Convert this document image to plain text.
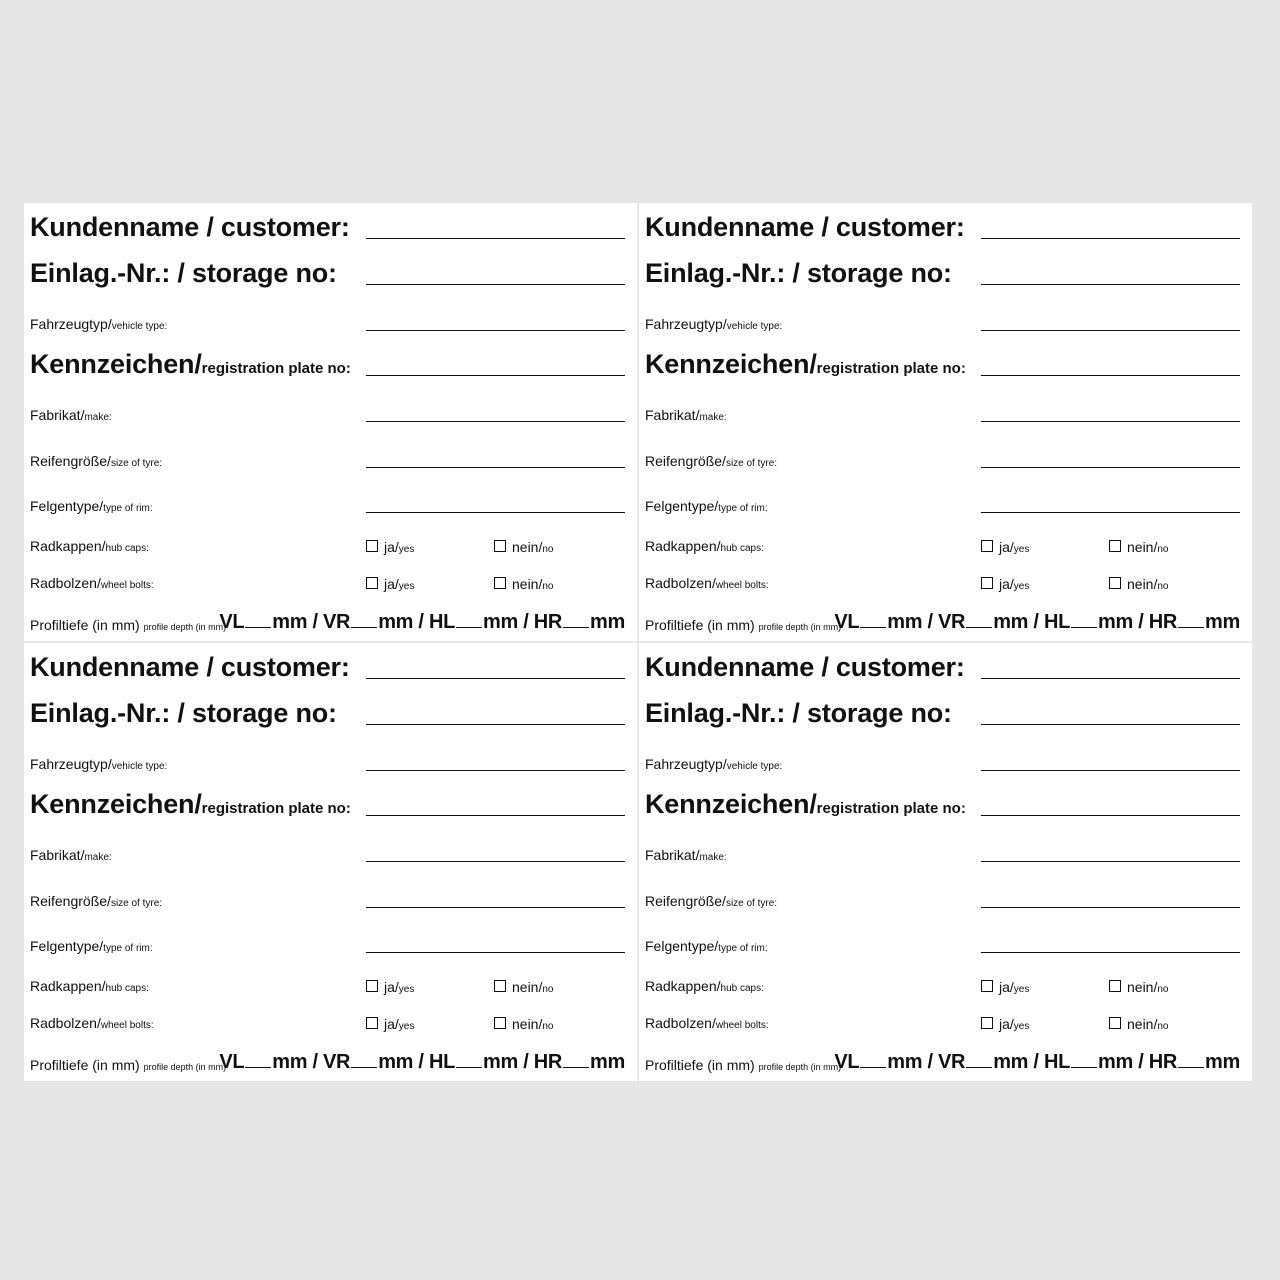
Kundenname / customer:
Einlag.-Nr.: / storage no:
Fahrzeugtyp/vehicle type:
Kennzeichen/registration plate no:
Fabrikat/make:
Reifengröße/size of tyre:
Felgentype/type of rim:
Radkappen/hub caps:	ja/yes	nein/no
Radbolzen/wheel bolts:	ja/yes	nein/no
Profiltiefe (in mm) profile depth (in mm)
VL mm / VR mm / HL mm / HR mm
Kundenname / customer:
Einlag.-Nr.: / storage no:
Fahrzeugtyp/vehicle type:
Kennzeichen/registration plate no:
Fabrikat/make:
Reifengröße/size of tyre:
Felgentype/type of rim:
Radkappen/hub caps:	ja/yes	nein/no
Radbolzen/wheel bolts:	ja/yes	nein/no
Profiltiefe (in mm) profile depth (in mm)
VL mm / VR mm / HL mm / HR mm
Kundenname / customer:
Einlag.-Nr.: / storage no:
Fahrzeugtyp/vehicle type:
Kennzeichen/registration plate no:
Fabrikat/make:
Reifengröße/size of tyre:
Felgentype/type of rim:
Radkappen/hub caps:	ja/yes	nein/no
Radbolzen/wheel bolts:	ja/yes	nein/no
Profiltiefe (in mm) profile depth (in mm)
VL mm / VR mm / HL mm / HR mm
Kundenname / customer:
Einlag.-Nr.: / storage no:
Fahrzeugtyp/vehicle type:
Kennzeichen/registration plate no:
Fabrikat/make:
Reifengröße/size of tyre:
Felgentype/type of rim:
Radkappen/hub caps:	ja/yes	nein/no
Radbolzen/wheel bolts:	ja/yes	nein/no
Profiltiefe (in mm) profile depth (in mm)
VL mm / VR mm / HL mm / HR mm
